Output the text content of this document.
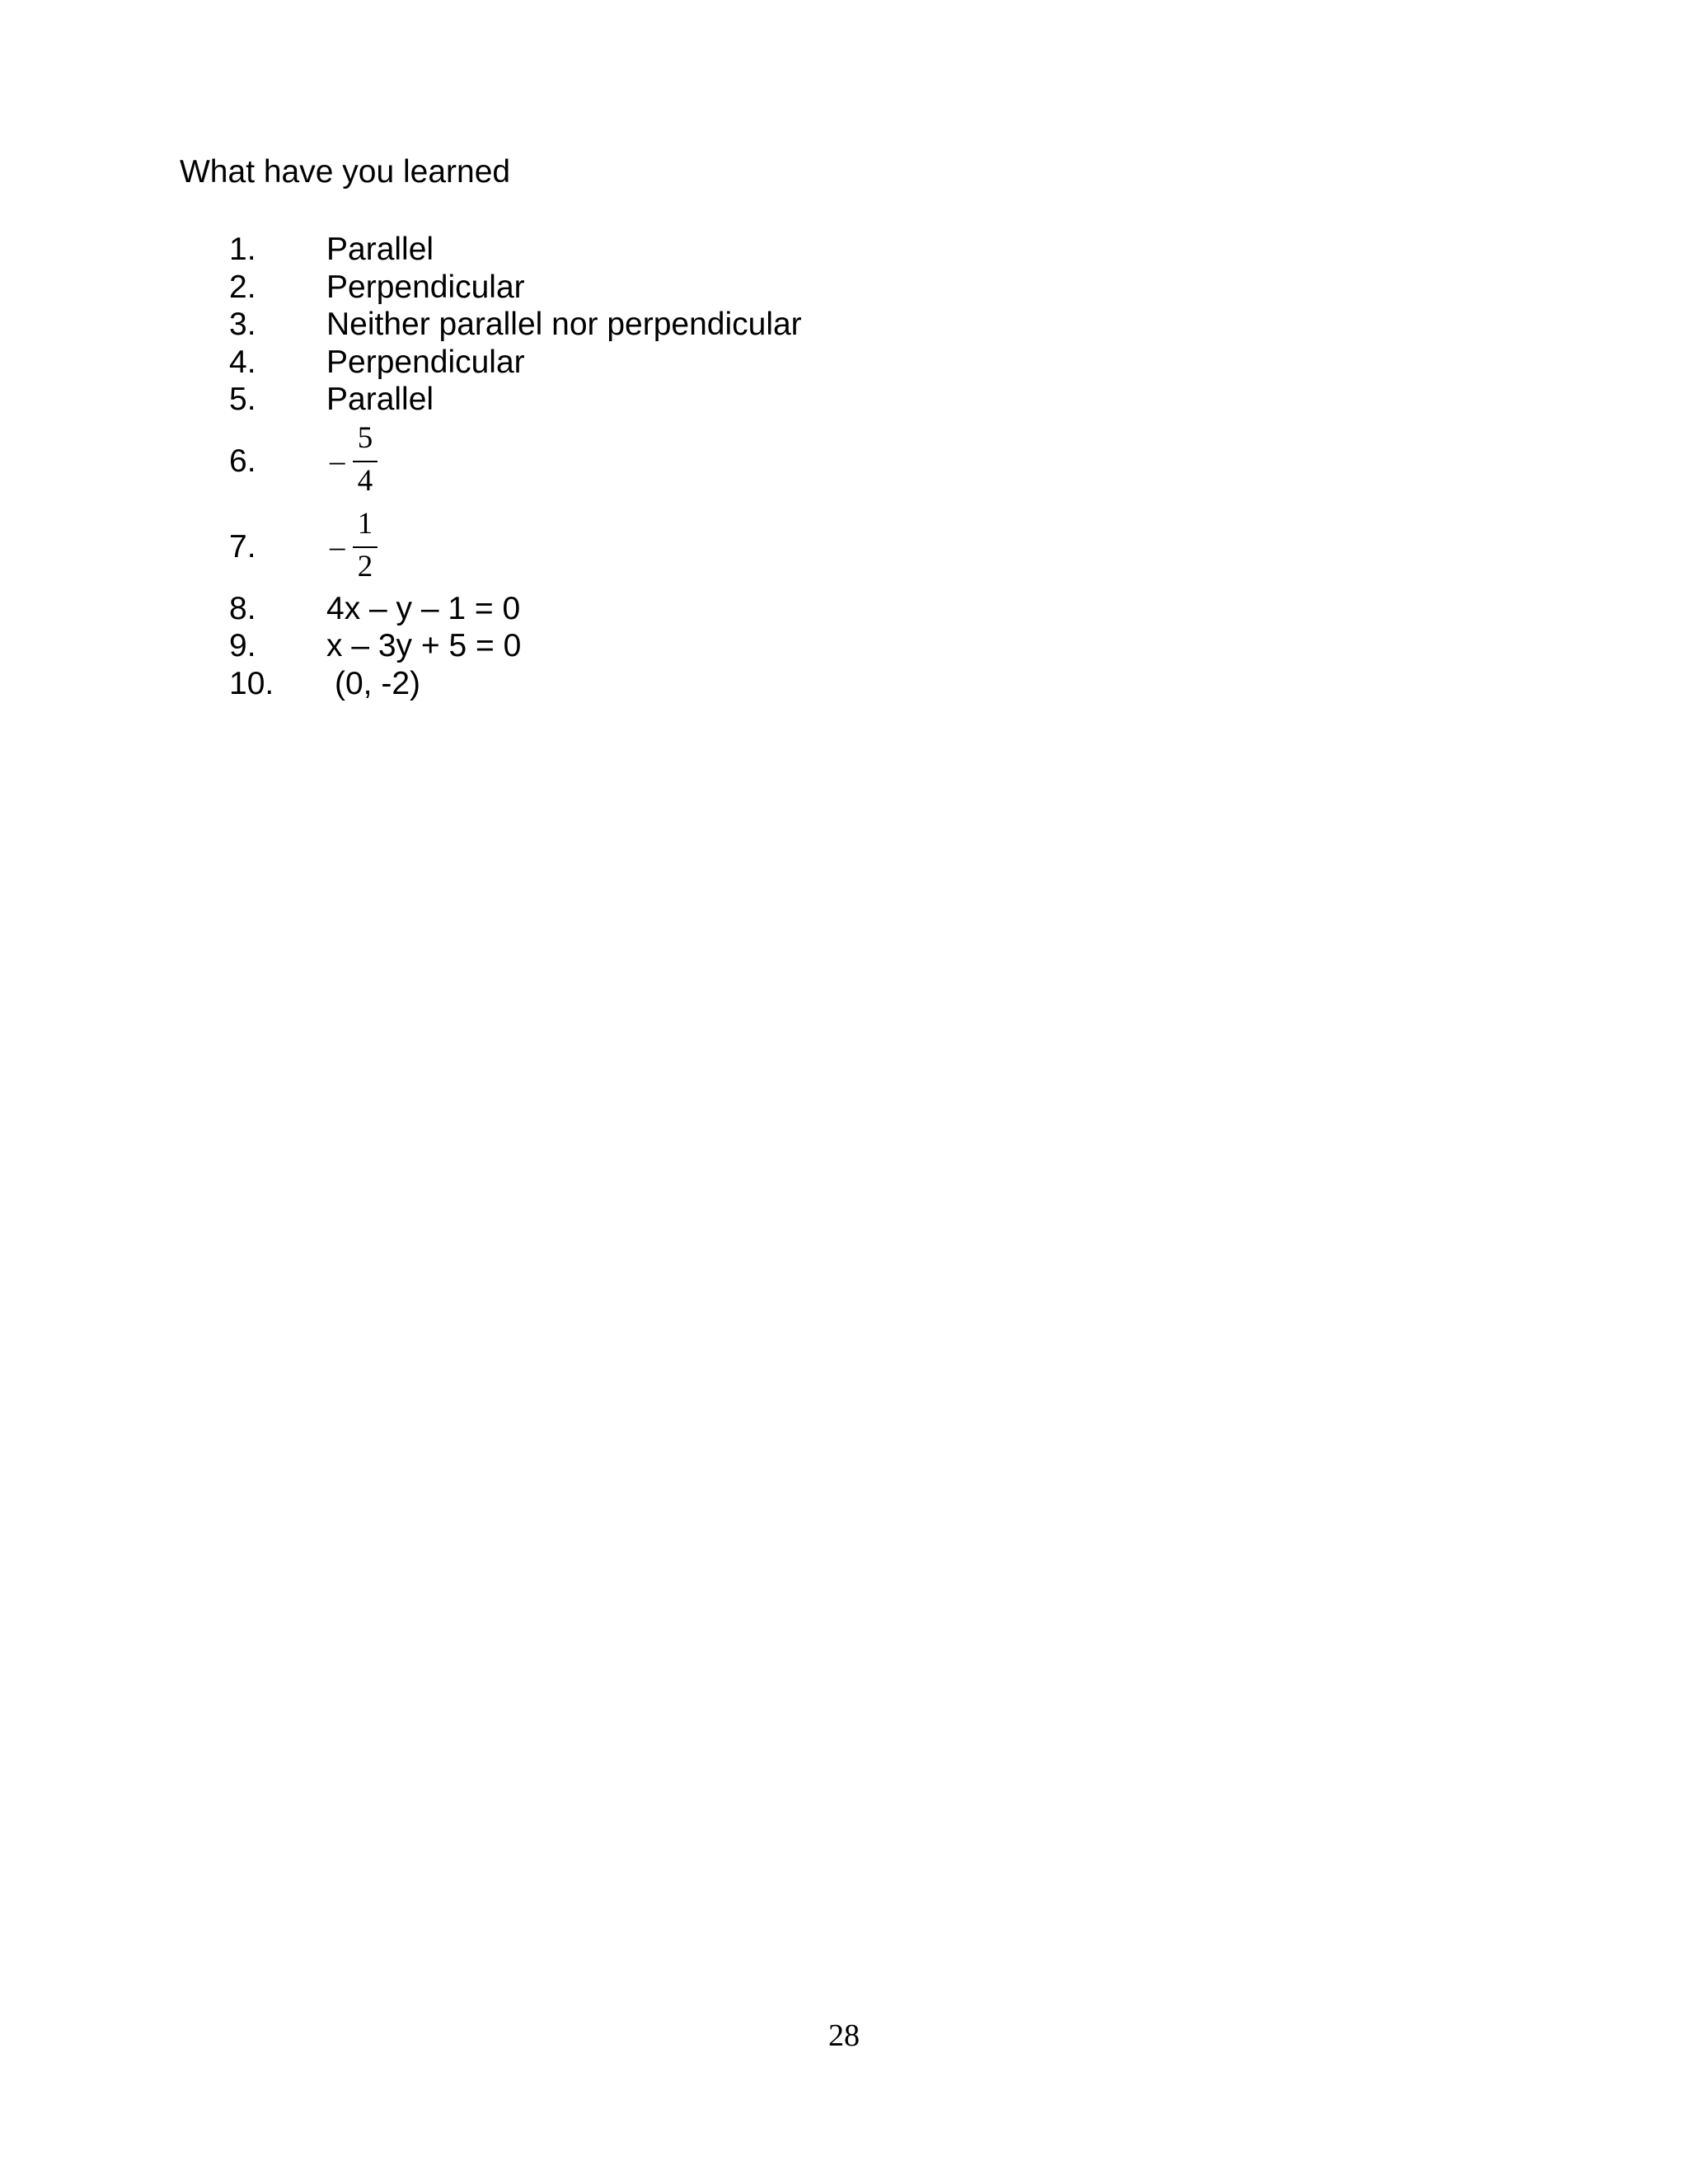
What have you learned
1. Parallel
2. Perpendicular
3. Neither parallel nor perpendicular
4. Perpendicular
5. Parallel
6. –
5
4
7. –
1
2
8. 4x – y – 1 = 0
9. x – 3y + 5 = 0
10. (0, -2)
28
